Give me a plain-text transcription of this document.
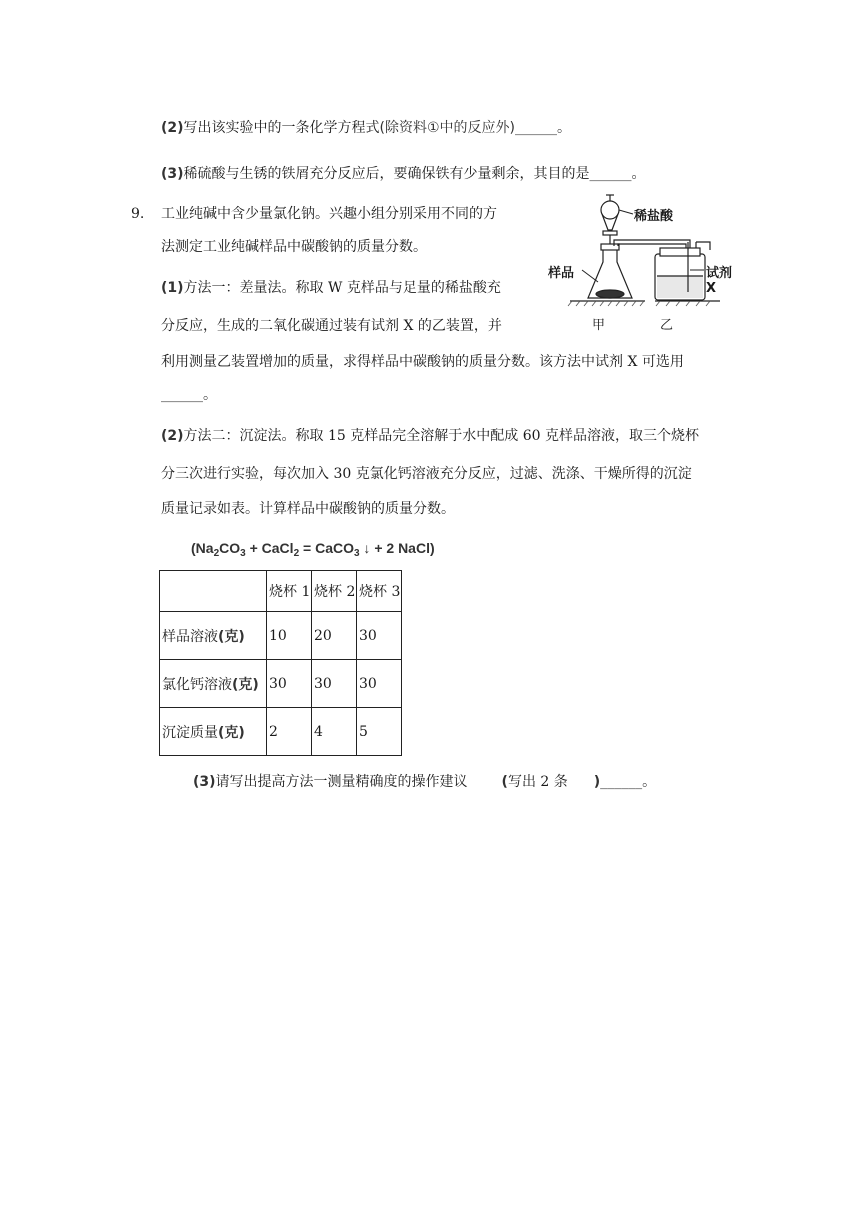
(2)写出该实验中的一条化学方程式(除资料①中的反应外)______。
(3)稀硫酸与生锈的铁屑充分反应后，要确保铁有少量剩余，其目的是______。
9. 工业纯碱中含少量氯化钠。兴趣小组分别采用不同的方
法测定工业纯碱样品中碳酸钠的质量分数。
(1)方法一：差量法。称取 W 克样品与足量的稀盐酸充
分反应，生成的二氧化碳通过装有试剂 X 的乙装置，并
利用测量乙装置增加的质量，求得样品中碳酸钠的质量分数。该方法中试剂 X 可选用
______。
(2)方法二：沉淀法。称取 15 克样品完全溶解于水中配成 60 克样品溶液，取三个烧杯
分三次进行实验，每次加入 30 克氯化钙溶液充分反应，过滤、洗涤、干燥所得的沉淀
质量记录如表。计算样品中碳酸钠的质量分数。
($Na_2CO_3$ + CaCl$_2$ = CaCO$_3$ ↓ + 2 NaCl)
	烧杯 1	烧杯 2	烧杯 3
样品溶液(克)	10	20	30
氯化钙溶液(克)	30	30	30
沉淀质量(克)	2	4	5
(3)请写出提高方法一测量精确度的操作建议 (写出 2 条 )______。
稀盐酸
样品	试剂X
甲	乙
